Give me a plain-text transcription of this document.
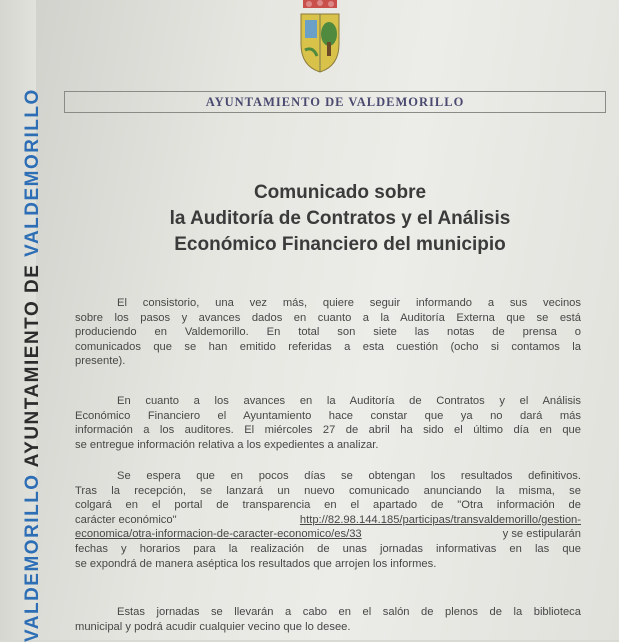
VALDEMORILLO AYUNTAMIENTO DE VALDEMORILLO	AYUNTAMIENTO DE VALDEMORILLO
Comunicado sobre
la Auditoría de Contratos y el Análisis
Económico Financiero del municipio
El consistorio, una vez más, quiere seguir informando a sus vecinos
sobre los pasos y avances dados en cuanto a la Auditoría Externa que se está
produciendo en Valdemorillo. En total son siete las notas de prensa o
comunicados que se han emitido referidas a esta cuestión (ocho si contamos la
presente).
En cuanto a los avances en la Auditoría de Contratos y el Análisis
Económico Financiero el Ayuntamiento hace constar que ya no dará más
información a los auditores. El miércoles 27 de abril ha sido el último día en que
se entregue información relativa a los expedientes a analizar.
Se espera que en pocos días se obtengan los resultados definitivos.
Tras la recepción, se lanzará un nuevo comunicado anunciando la misma, se
colgará en el portal de transparencia en el apartado de "Otra información de
carácter económico"	http://82.98.144.185/participas/transvaldemorillo/gestion-
economica/otra-informacion-de-caracter-economico/es/33	y se estipularán
fechas y horarios para la realización de unas jornadas informativas en las que
se expondrá de manera aséptica los resultados que arrojen los informes.
Estas jornadas se llevarán a cabo en el salón de plenos de la biblioteca
municipal y podrá acudir cualquier vecino que lo desee.
